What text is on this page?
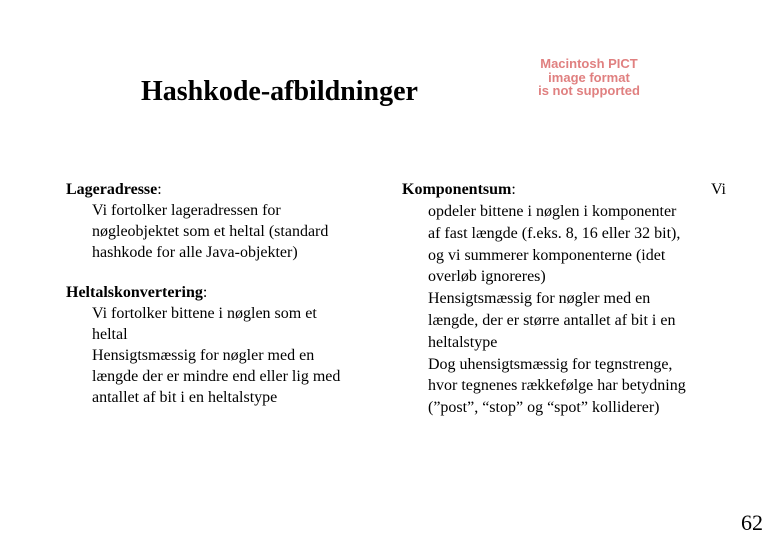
Hashkode-afbildninger
Macintosh PICT
image format
is not supported
Lageradresse:
Vi fortolker lageradressen for
nøgleobjektet som et heltal (standard
hashkode for alle Java-objekter)
Heltalskonvertering:
Vi fortolker bittene i nøglen som et
heltal
Hensigtsmæssig for nøgler med en
længde der er mindre end eller lig med
antallet af bit i en heltalstype
Komponentsum:	Vi
opdeler bittene i nøglen i komponenter
af fast længde (f.eks. 8, 16 eller 32 bit),
og vi summerer komponenterne (idet
overløb ignoreres)
Hensigtsmæssig for nøgler med en
længde, der er større antallet af bit i en
heltalstype
Dog uhensigtsmæssig for tegnstrenge,
hvor tegnenes rækkefølge har betydning
(”post”, “stop” og “spot” kolliderer)
62
